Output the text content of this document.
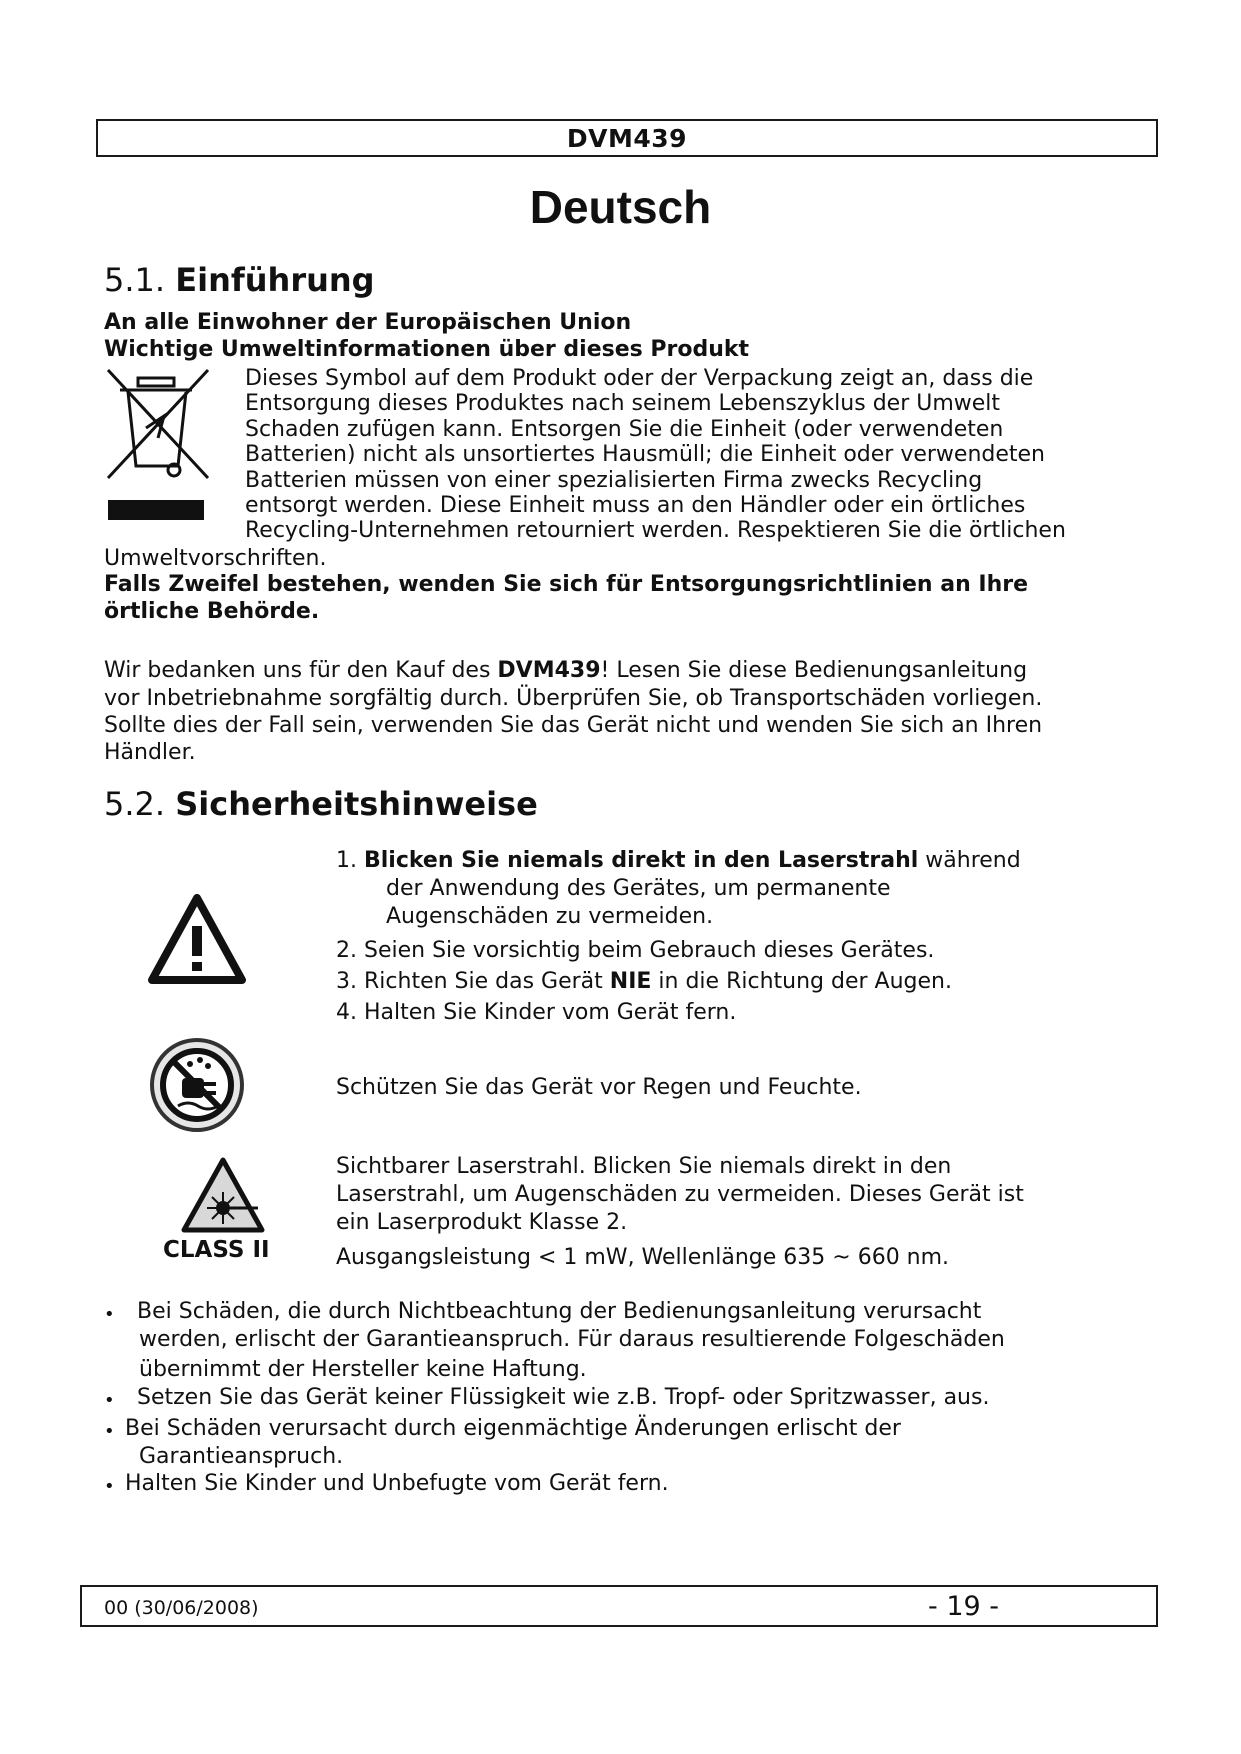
DVM439
Deutsch
5.1. Einführung
An alle Einwohner der Europäischen Union
Wichtige Umweltinformationen über dieses Produkt
Dieses Symbol auf dem Produkt oder der Verpackung zeigt an, dass die
Entsorgung dieses Produktes nach seinem Lebenszyklus der Umwelt
Schaden zufügen kann. Entsorgen Sie die Einheit (oder verwendeten
Batterien) nicht als unsortiertes Hausmüll; die Einheit oder verwendeten
Batterien müssen von einer spezialisierten Firma zwecks Recycling
entsorgt werden. Diese Einheit muss an den Händler oder ein örtliches
Recycling-Unternehmen retourniert werden. Respektieren Sie die örtlichen
Umweltvorschriften.
Falls Zweifel bestehen, wenden Sie sich für Entsorgungsrichtlinien an Ihre
örtliche Behörde.
Wir bedanken uns für den Kauf des DVM439! Lesen Sie diese Bedienungsanleitung
vor Inbetriebnahme sorgfältig durch. Überprüfen Sie, ob Transportschäden vorliegen.
Sollte dies der Fall sein, verwenden Sie das Gerät nicht und wenden Sie sich an Ihren
Händler.
5.2. Sicherheitshinweise
1. Blicken Sie niemals direkt in den Laserstrahl während
der Anwendung des Gerätes, um permanente
Augenschäden zu vermeiden.
2. Seien Sie vorsichtig beim Gebrauch dieses Gerätes.
3. Richten Sie das Gerät NIE in die Richtung der Augen.
4. Halten Sie Kinder vom Gerät fern.
Schützen Sie das Gerät vor Regen und Feuchte.
CLASS II
Sichtbarer Laserstrahl. Blicken Sie niemals direkt in den
Laserstrahl, um Augenschäden zu vermeiden. Dieses Gerät ist
ein Laserprodukt Klasse 2.
Ausgangsleistung < 1 mW, Wellenlänge 635 ~ 660 nm.
• Bei Schäden, die durch Nichtbeachtung der Bedienungsanleitung verursacht
werden, erlischt der Garantieanspruch. Für daraus resultierende Folgeschäden
übernimmt der Hersteller keine Haftung.
• Setzen Sie das Gerät keiner Flüssigkeit wie z.B. Tropf- oder Spritzwasser, aus.
• Bei Schäden verursacht durch eigenmächtige Änderungen erlischt der
Garantieanspruch.
• Halten Sie Kinder und Unbefugte vom Gerät fern.
00 (30/06/2008)	- 19 -
